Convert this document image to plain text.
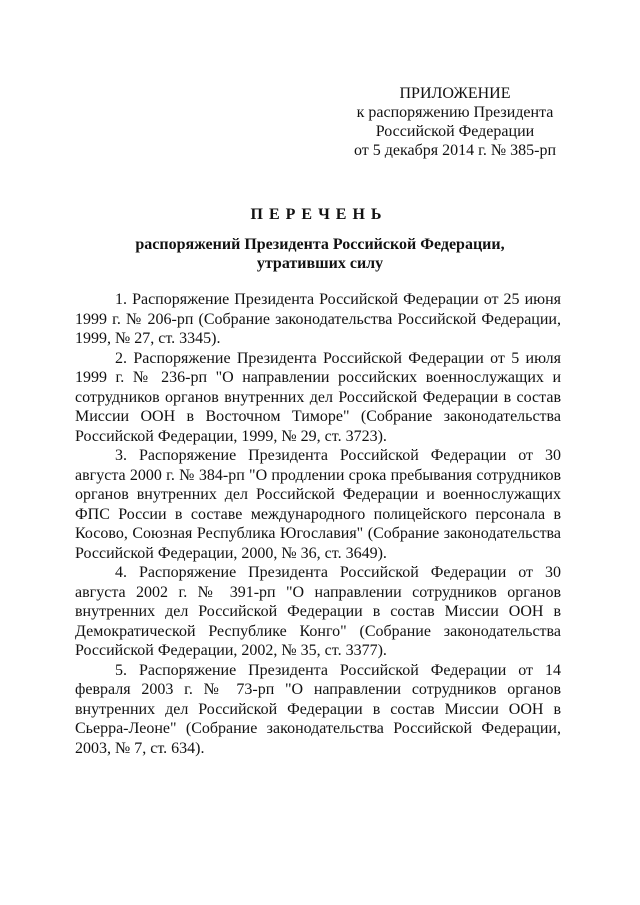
ПРИЛОЖЕНИЕ
к распоряжению Президента
Российской Федерации
от 5 декабря 2014 г. № 385-рп
ПЕРЕЧЕНЬ
распоряжений Президента Российской Федерации,
утративших силу

1. Распоряжение Президента Российской Федерации от 25 июня 1999 г. № 206-рп (Собрание законодательства Российской Федерации, 1999, № 27, ст. 3345).

2. Распоряжение Президента Российской Федерации от 5 июля 1999 г. № 236-рп "О направлении российских военнослужащих и сотрудников органов внутренних дел Российской Федерации в состав Миссии ООН в Восточном Тиморе" (Собрание законодательства Российской Федерации, 1999, № 29, ст. 3723).

3. Распоряжение Президента Российской Федерации от 30 августа 2000 г. № 384-рп "О продлении срока пребывания сотрудников органов внутренних дел Российской Федерации и военнослужащих ФПС России в составе международного полицейского персонала в Косово, Союзная Республика Югославия" (Собрание законодательства Российской Федерации, 2000, № 36, ст. 3649).

4. Распоряжение Президента Российской Федерации от 30 августа 2002 г. № 391-рп "О направлении сотрудников органов внутренних дел Российской Федерации в состав Миссии ООН в Демократической Республике Конго" (Собрание законодательства Российской Федерации, 2002, № 35, ст. 3377).

5. Распоряжение Президента Российской Федерации от 14 февраля 2003 г. № 73-рп "О направлении сотрудников органов внутренних дел Российской Федерации в состав Миссии ООН в Сьерра-Леоне" (Собрание законодательства Российской Федерации, 2003, № 7, ст. 634).
